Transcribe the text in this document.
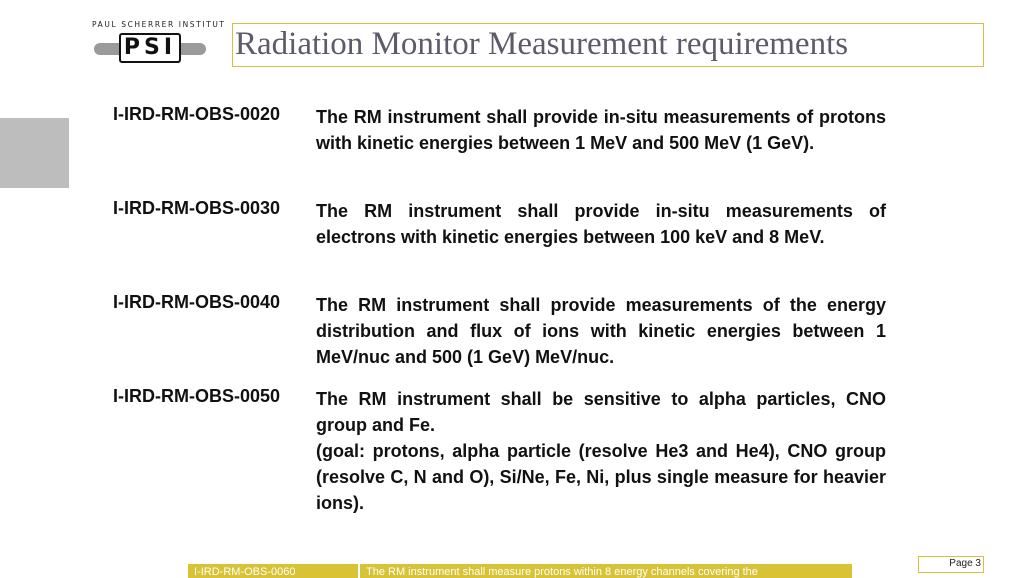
PAUL SCHERRER INSTITUT
PSI Radiation Monitor Measurement requirements
I-IRD-RM-OBS-0020 The RM instrument shall provide in-situ measurements of protons with kinetic energies between 1 MeV and 500 MeV (1 GeV).
I-IRD-RM-OBS-0030 The RM instrument shall provide in-situ measurements of electrons with kinetic energies between 100 keV and 8 MeV.
I-IRD-RM-OBS-0040 The RM instrument shall provide measurements of the energy distribution and flux of ions with kinetic energies between 1 MeV/nuc and 500 (1 GeV) MeV/nuc.
I-IRD-RM-OBS-0050 The RM instrument shall be sensitive to alpha particles, CNO group and Fe.
(goal: protons, alpha particle (resolve He3 and He4), CNO group (resolve C, N and O), Si/Ne, Fe, Ni, plus single measure for heavier ions).
Page 3
I-IRD-RM-OBS-0060	The RM instrument shall measure protons within 8 energy channels covering the
